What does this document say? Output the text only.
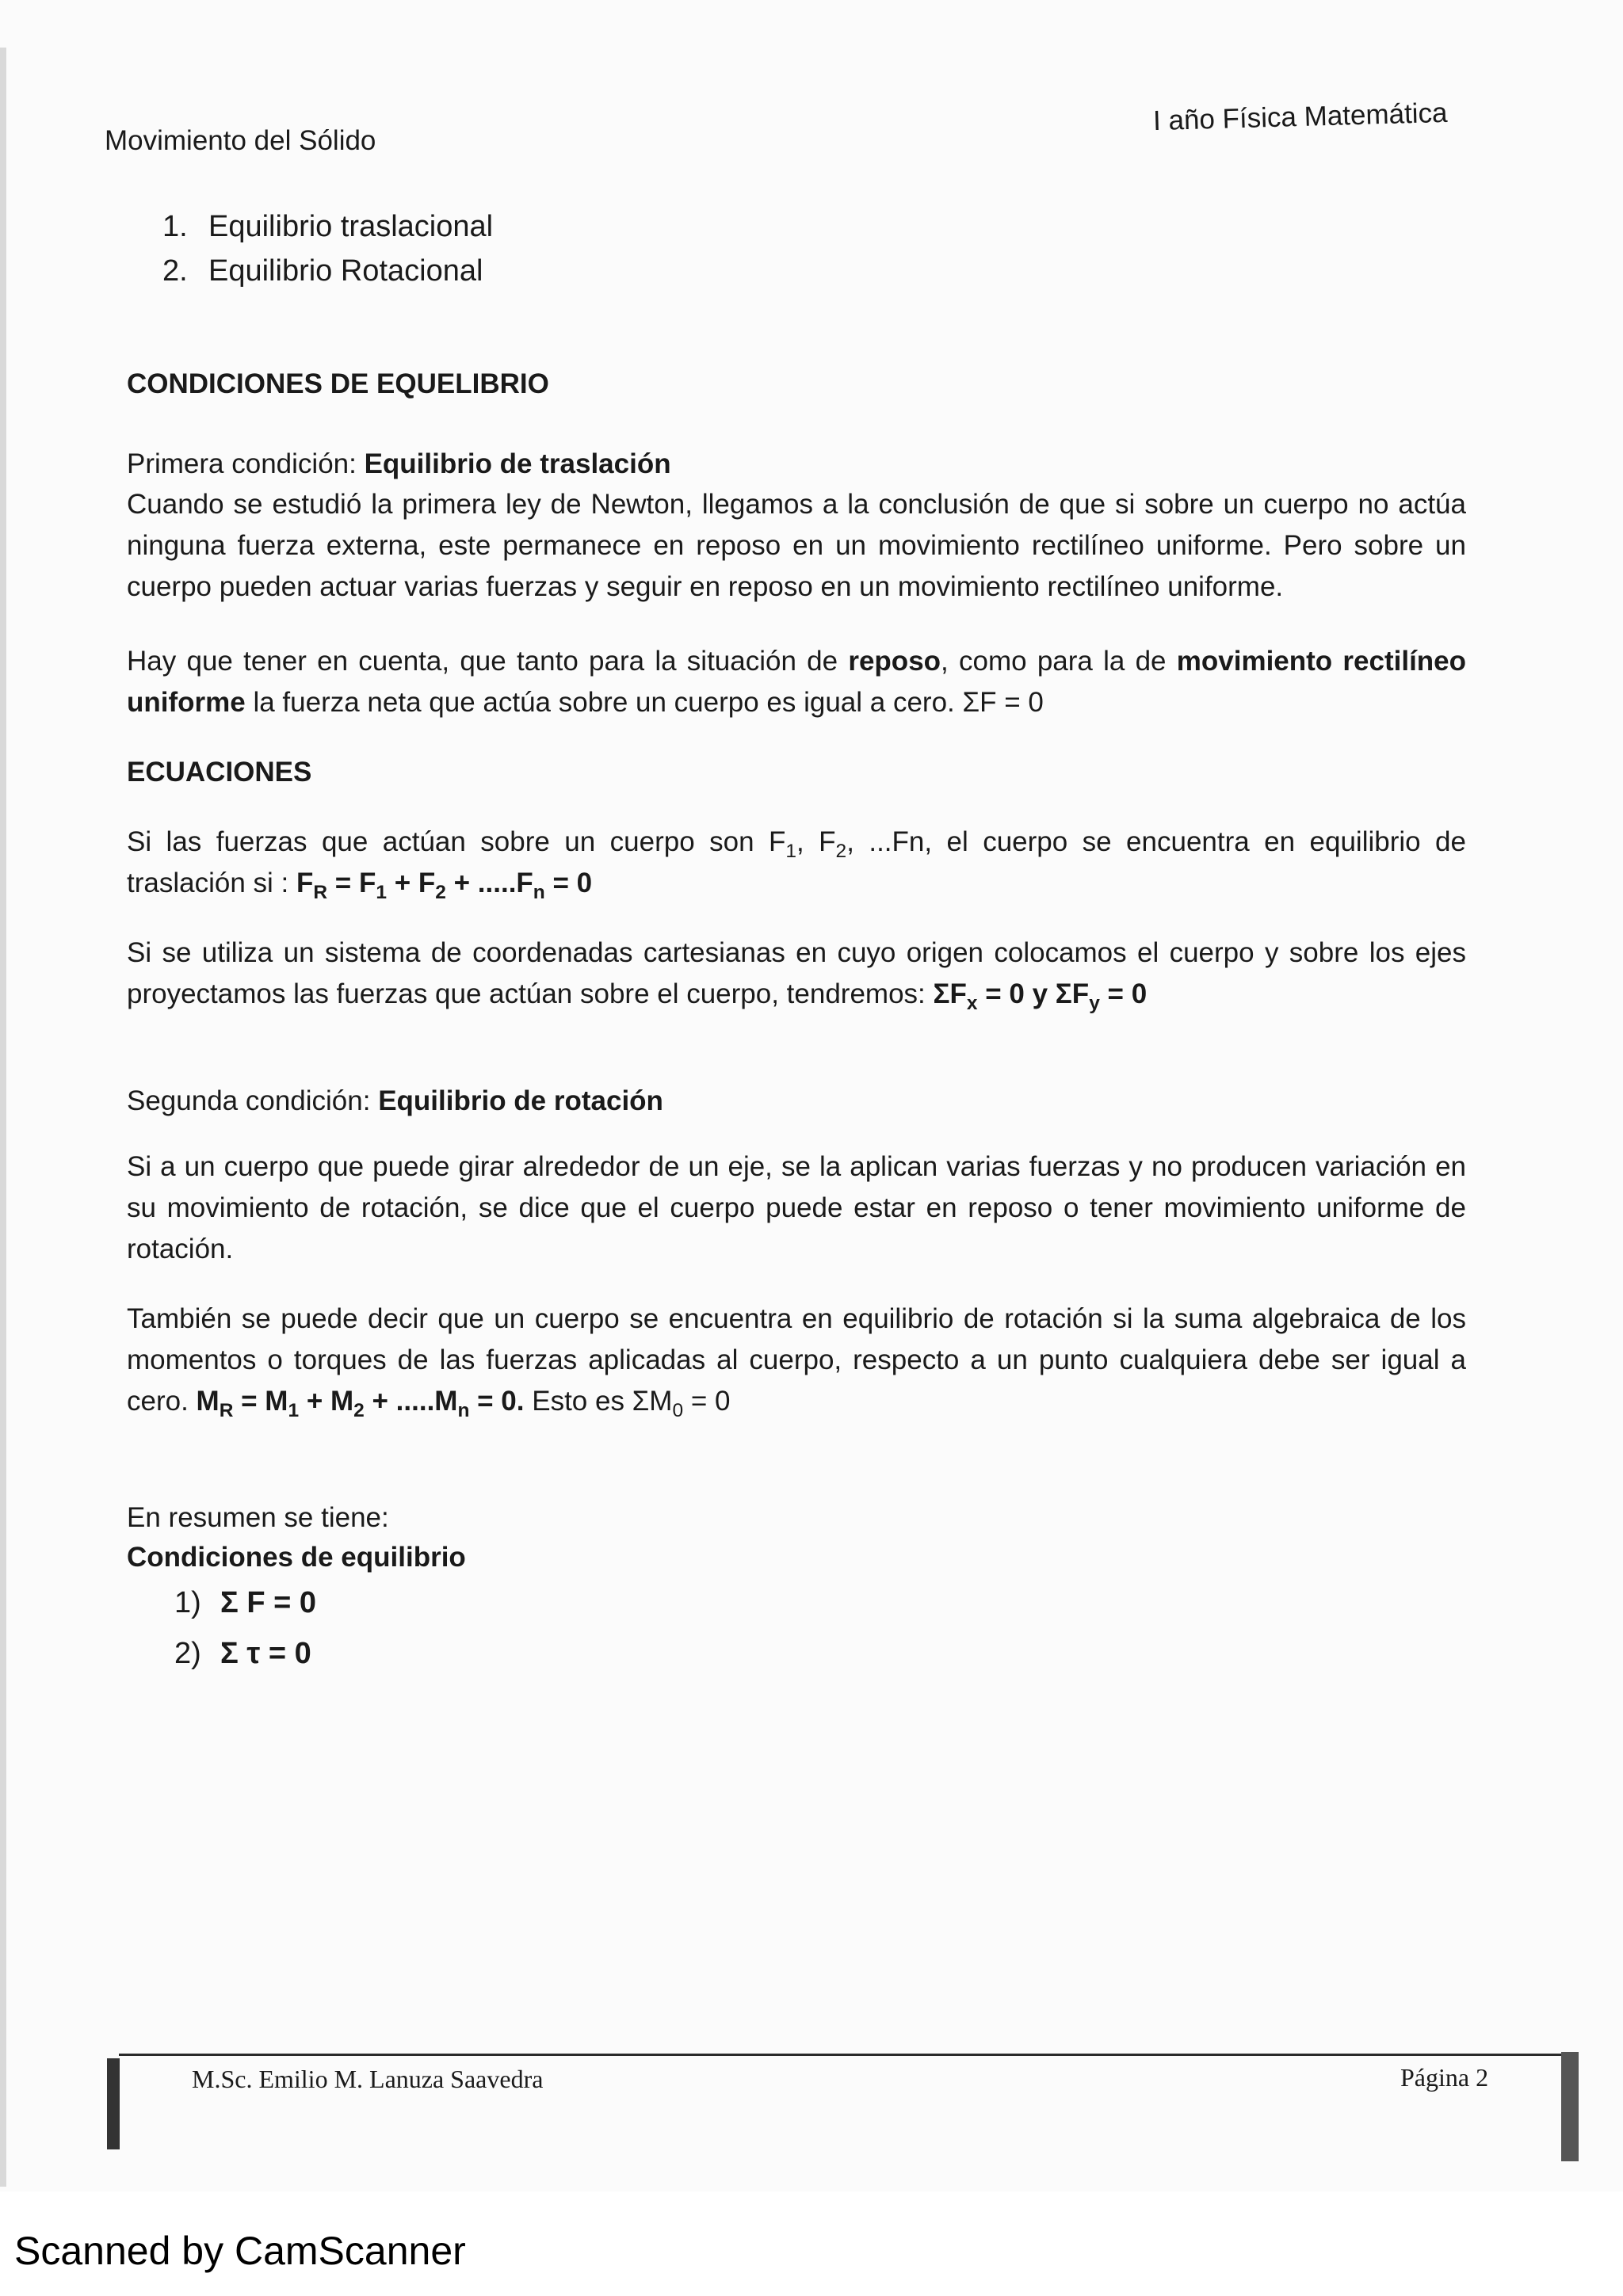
Movimiento del Sólido
I año Física Matemática
1. Equilibrio traslacional
2. Equilibrio Rotacional

CONDICIONES DE EQUELIBRIO

Primera condición: Equilibrio de traslación

Cuando se estudió la primera ley de Newton, llegamos a la conclusión de que si sobre un cuerpo no actúa ninguna fuerza externa, este permanece en reposo en un movimiento rectilíneo uniforme. Pero sobre un cuerpo pueden actuar varias fuerzas y seguir en reposo en un movimiento rectilíneo uniforme.

Hay que tener en cuenta, que tanto para la situación de reposo, como para la de movimiento rectilíneo uniforme la fuerza neta que actúa sobre un cuerpo es igual a cero. ΣF = 0

ECUACIONES

Si las fuerzas que actúan sobre un cuerpo son $F_1$, $F_2$, ...Fn, el cuerpo se encuentra en equilibrio de traslación si : $F_R = F_1 + F_2 + .....F_n = 0$

Si se utiliza un sistema de coordenadas cartesianas en cuyo origen colocamos el cuerpo y sobre los ejes proyectamos las fuerzas que actúan sobre el cuerpo, tendremos: $\Sigma F_x = 0$ y $\Sigma F_y = 0$

Segunda condición: Equilibrio de rotación

Si a un cuerpo que puede girar alrededor de un eje, se la aplican varias fuerzas y no producen variación en su movimiento de rotación, se dice que el cuerpo puede estar en reposo o tener movimiento uniforme de rotación.

También se puede decir que un cuerpo se encuentra en equilibrio de rotación si la suma algebraica de los momentos o torques de las fuerzas aplicadas al cuerpo, respecto a un punto cualquiera debe ser igual a cero. $M_R = M_1 + M_2 + .....M_n = 0$. Esto es $\Sigma M_0 = 0$

En resumen se tiene:

Condiciones de equilibrio

1) Σ F = 0
2) Σ τ = 0
M.Sc. Emilio M. Lanuza Saavedra	Página 2
Scanned by CamScanner
